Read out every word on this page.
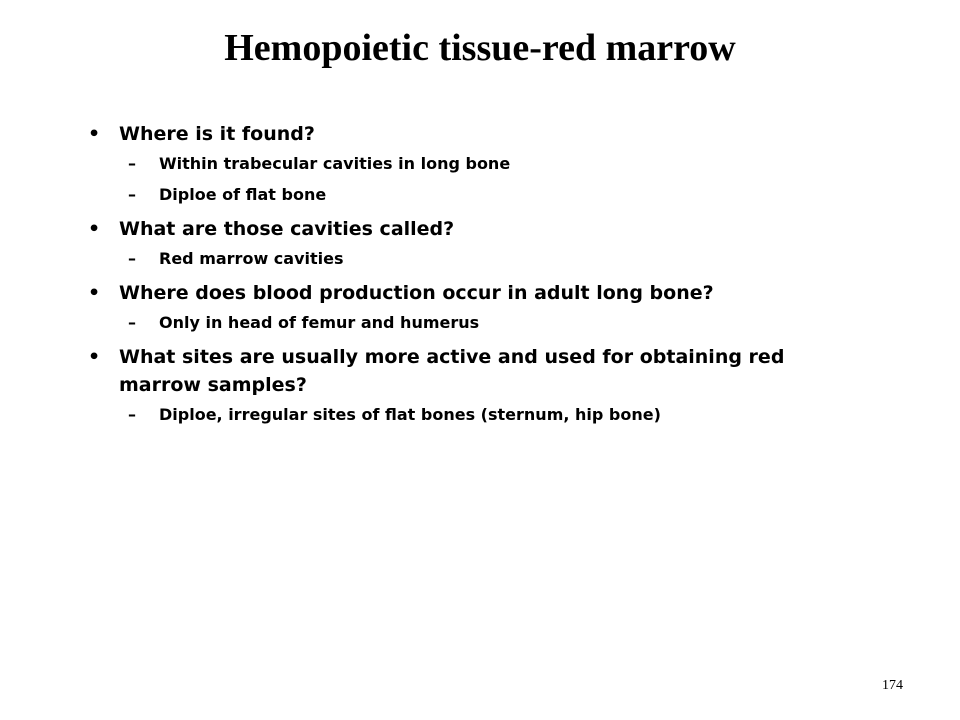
Hemopoietic tissue-red marrow
• Where is it found?
– Within trabecular cavities in long bone
– Diploe of flat bone
• What are those cavities called?
– Red marrow cavities
• Where does blood production occur in adult long bone?
– Only in head of femur and humerus
• What sites are usually more active and used for obtaining red marrow samples?
– Diploe, irregular sites of flat bones (sternum, hip bone)
174
